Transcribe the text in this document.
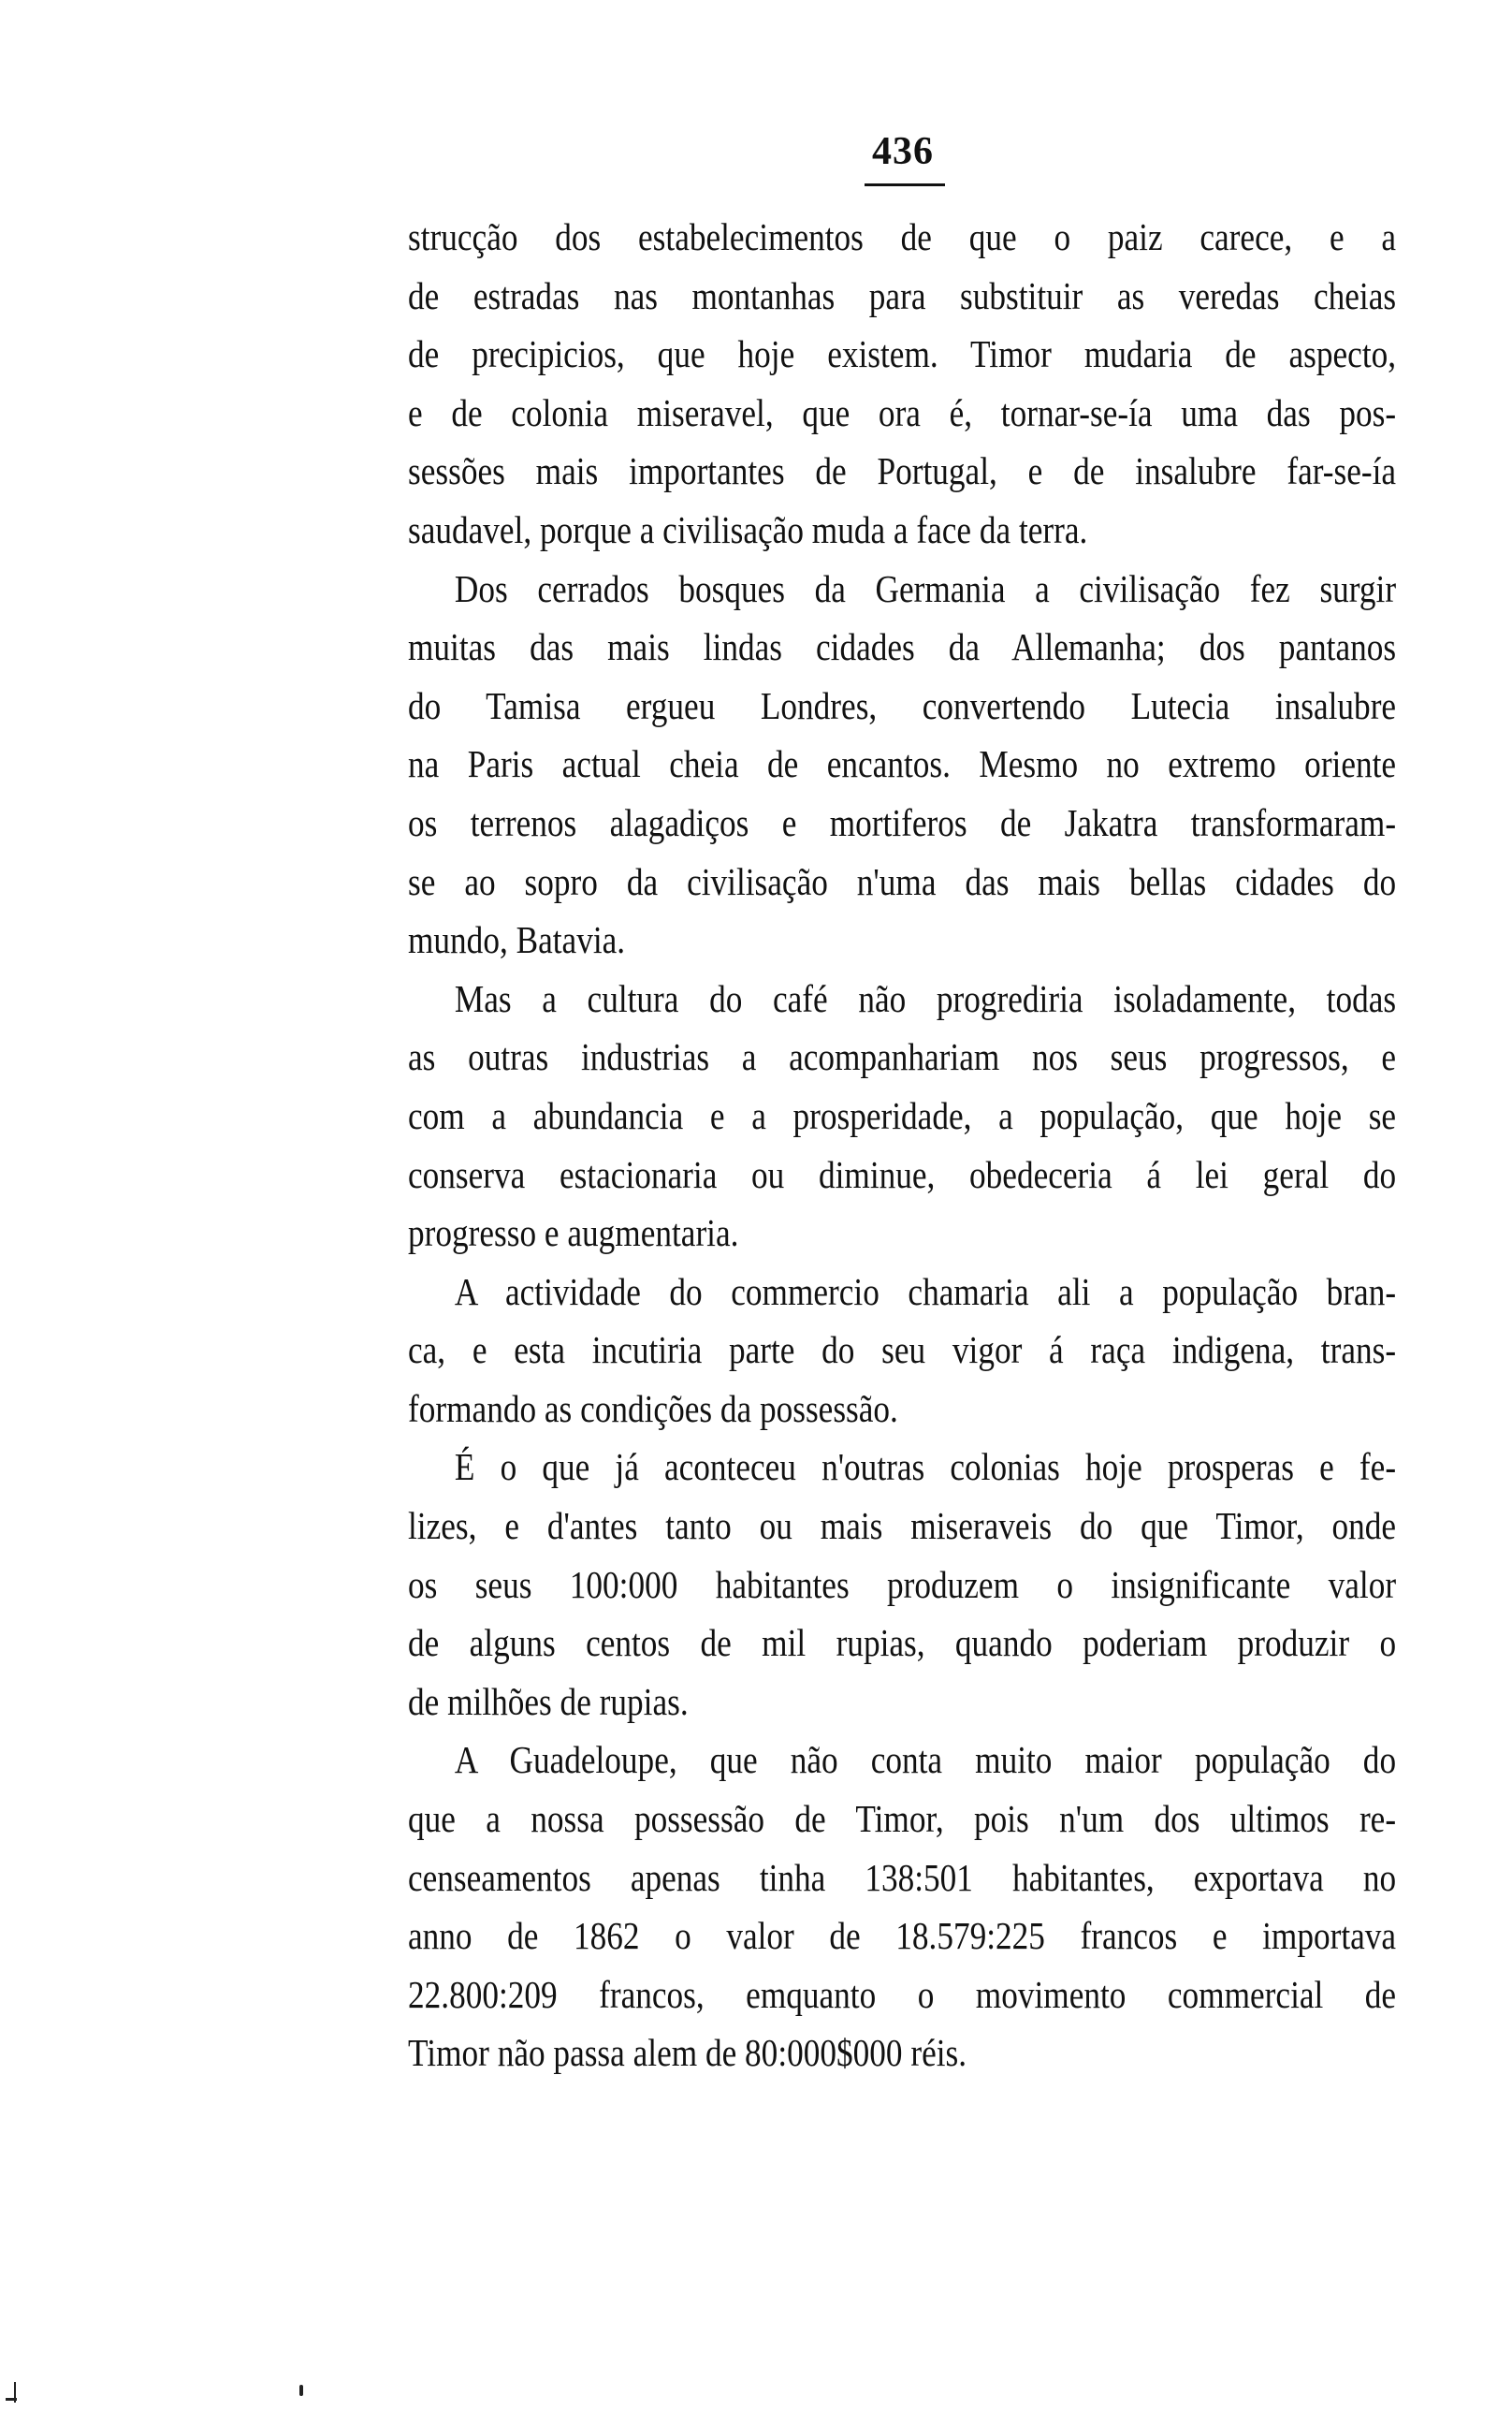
436

strucção dos estabelecimentos de que o paiz carece, e a
de estradas nas montanhas para substituir as veredas cheias
de precipicios, que hoje existem. Timor mudaria de aspecto,
e de colonia miseravel, que ora é, tornar-se-ía uma das pos-
sessões mais importantes de Portugal, e de insalubre far-se-ía
saudavel, porque a civilisação muda a face da terra.

Dos cerrados bosques da Germania a civilisação fez surgir
muitas das mais lindas cidades da Allemanha; dos pantanos
do Tamisa ergueu Londres, convertendo Lutecia insalubre
na Paris actual cheia de encantos. Mesmo no extremo oriente
os terrenos alagadiços e mortiferos de Jakatra transformaram-
se ao sopro da civilisação n'uma das mais bellas cidades do
mundo, Batavia.

Mas a cultura do café não progrediria isoladamente, todas
as outras industrias a acompanhariam nos seus progressos, e
com a abundancia e a prosperidade, a população, que hoje se
conserva estacionaria ou diminue, obedeceria á lei geral do
progresso e augmentaria.

A actividade do commercio chamaria ali a população bran-
ca, e esta incutiria parte do seu vigor á raça indigena, trans-
formando as condições da possessão.

É o que já aconteceu n'outras colonias hoje prosperas e fe-
lizes, e d'antes tanto ou mais miseraveis do que Timor, onde
os seus 100:000 habitantes produzem o insignificante valor
de alguns centos de mil rupias, quando poderiam produzir o
de milhões de rupias.

A Guadeloupe, que não conta muito maior população do
que a nossa possessão de Timor, pois n'um dos ultimos re-
censeamentos apenas tinha 138:501 habitantes, exportava no
anno de 1862 o valor de 18.579:225 francos e importava
22.800:209 francos, emquanto o movimento commercial de
Timor não passa alem de 80:000$000 réis.
